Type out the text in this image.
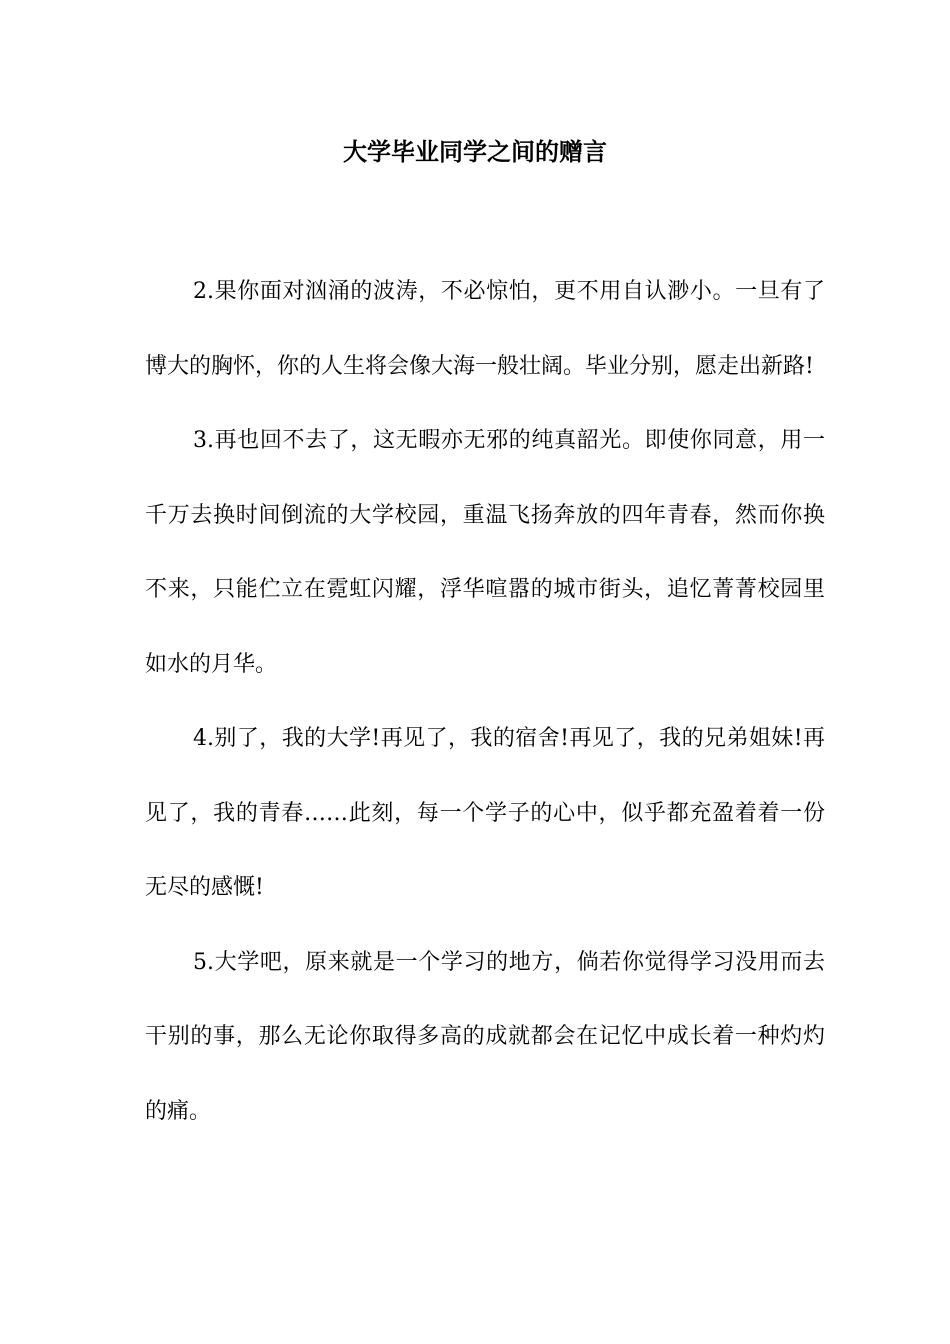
大学毕业同学之间的赠言

2.果你面对汹涌的波涛，不必惊怕，更不用自认渺小。一旦有了博大的胸怀，你的人生将会像大海一般壮阔。毕业分别，愿走出新路!

3.再也回不去了，这无暇亦无邪的纯真韶光。即使你同意，用一千万去换时间倒流的大学校园，重温飞扬奔放的四年青春，然而你换不来，只能伫立在霓虹闪耀，浮华喧嚣的城市街头，追忆菁菁校园里如水的月华。

4.别了，我的大学!再见了，我的宿舍!再见了，我的兄弟姐妹!再见了，我的青春……此刻，每一个学子的心中，似乎都充盈着着一份无尽的感慨!

5.大学吧，原来就是一个学习的地方，倘若你觉得学习没用而去干别的事，那么无论你取得多高的成就都会在记忆中成长着一种灼灼的痛。
